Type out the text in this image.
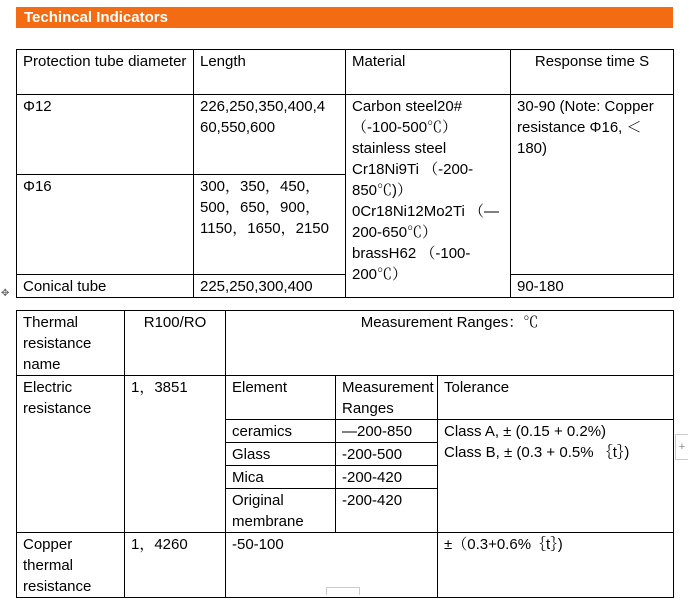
Techincal Indicators
Protection tube diameter	Length	Material	Response time S
Φ12	226,250,350,400,4 60,550,600	Carbon steel20# （-100-500℃） stainless steel Cr18Ni9Ti （-200-850℃)） 0Cr18Ni12Mo2Ti （—200-650℃） brassH62 （-100-200℃）	30-90 (Note: Copper resistance Φ16, ＜180)
Φ16	300，350，450，500，650，900，1150，1650，2150		
Conical tube	225,250,300,400		90-180
✥
Thermal resistance name	R100/RO	Measurement Ranges：℃		
Electric resistance	1，3851	Element	Measurement Ranges	Tolerance
		ceramics	—200-850	Class A, ± (0.15 + 0.2%)
Class B, ± (0.3 + 0.5% ｛t｝)

		Glass	-200-500	
		Mica	-200-420	
		Original membrane	-200-420	
Copper thermal resistance	1，4260	-50-100		±（0.3+0.6%｛t｝)
+
